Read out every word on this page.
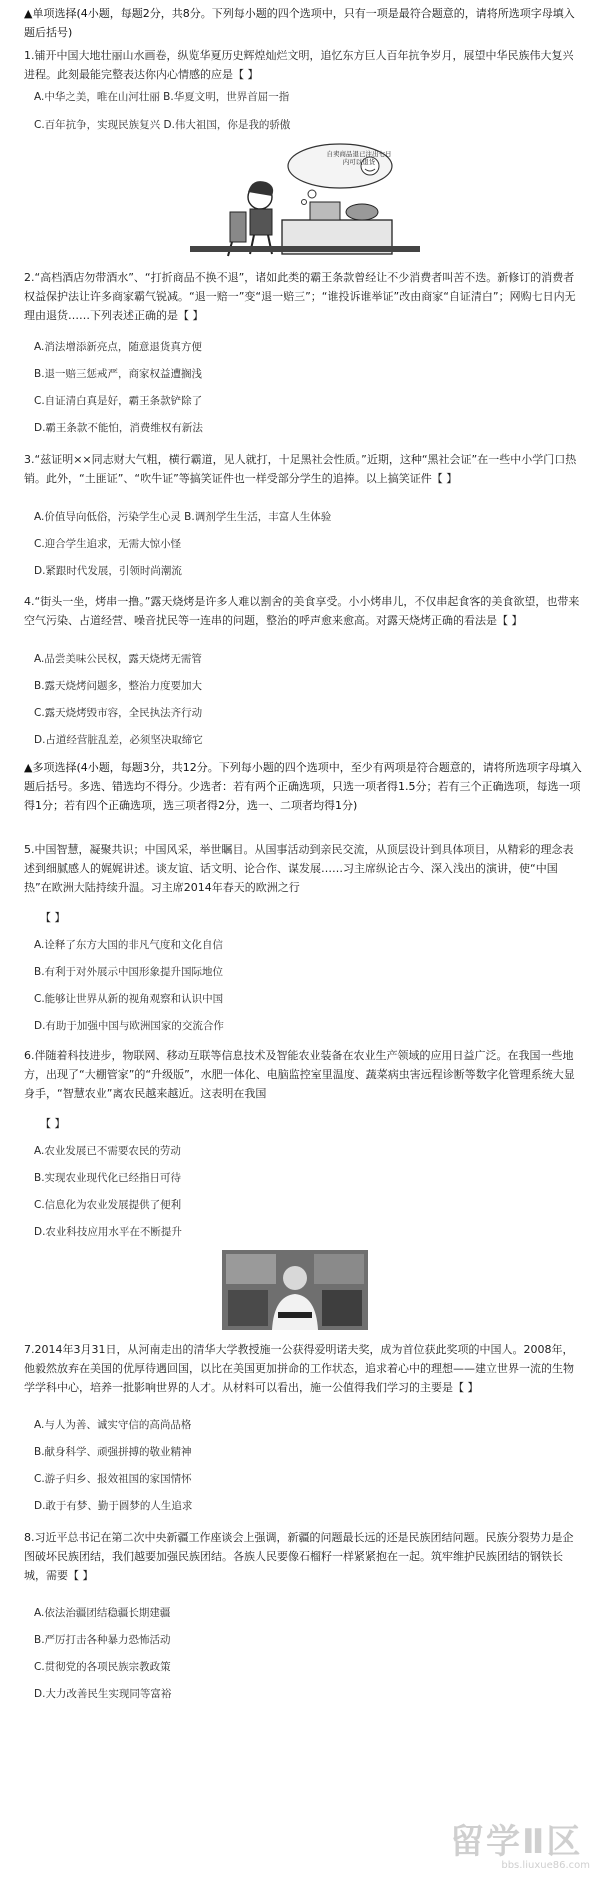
▲单项选择(4小题，每题2分，共8分。下列每小题的四个选项中，只有一项是最符合题意的，请将所选项字母填入题后括号)

1.铺开中国大地壮丽山水画卷，纵览华夏历史辉煌灿烂文明，追忆东方巨人百年抗争岁月，展望中华民族伟大复兴进程。此刻最能完整表达你内心情感的应是【 】

A.中华之美，唯在山河壮丽 B.华夏文明，世界首屈一指

C.百年抗争，实现民族复兴 D.伟大祖国，你是我的骄傲

自卖商品退已注出七日内可以退货

2.“高档酒店勿带酒水”、“打折商品不换不退”，诸如此类的霸王条款曾经让不少消费者叫苦不迭。新修订的消费者权益保护法让许多商家霸气锐减。“退一赔一”变“退一赔三”；“谁投诉谁举证”改由商家“自证清白”；网购七日内无理由退货……下列表述正确的是【 】

A.消法增添新亮点，随意退货真方便

B.退一赔三惩戒严，商家权益遭搁浅

C.自证清白真是好，霸王条款铲除了

D.霸王条款不能怕，消费维权有新法

3.“兹证明××同志财大气粗，横行霸道，见人就打，十足黑社会性质。”近期，这种“黑社会证”在一些中小学门口热销。此外，“土匪证”、“吹牛证”等搞笑证件也一样受部分学生的追捧。以上搞笑证件【 】

A.价值导向低俗，污染学生心灵 B.调剂学生生活，丰富人生体验

C.迎合学生追求，无需大惊小怪

D.紧跟时代发展，引领时尚潮流

4.“街头一坐，烤串一撸。”露天烧烤是许多人难以割舍的美食享受。小小烤串儿，不仅串起食客的美食欲望，也带来空气污染、占道经营、噪音扰民等一连串的问题，整治的呼声愈来愈高。对露天烧烤正确的看法是【 】

A.品尝美味公民权，露天烧烤无需管

B.露天烧烤问题多，整治力度要加大

C.露天烧烤毁市容，全民执法齐行动

D.占道经营脏乱差，必须坚决取缔它

▲多项选择(4小题，每题3分，共12分。下列每小题的四个选项中，至少有两项是符合题意的，请将所选项字母填入题后括号。多选、错选均不得分。少选者：若有两个正确选项，只选一项者得1.5分；若有三个正确选项，每选一项得1分；若有四个正确选项，选三项者得2分，选一、二项者均得1分)

5.中国智慧，凝聚共识；中国风采，举世瞩目。从国事活动到亲民交流，从顶层设计到具体项目，从精彩的理念表述到细腻感人的娓娓讲述。谈友谊、话文明、论合作、谋发展……习主席纵论古今、深入浅出的演讲，使“中国热”在欧洲大陆持续升温。习主席2014年春天的欧洲之行

【 】

A.诠释了东方大国的非凡气度和文化自信

B.有利于对外展示中国形象提升国际地位

C.能够让世界从新的视角观察和认识中国

D.有助于加强中国与欧洲国家的交流合作

6.伴随着科技进步，物联网、移动互联等信息技术及智能农业装备在农业生产领域的应用日益广泛。在我国一些地方，出现了“大棚管家”的“升级版”，水肥一体化、电脑监控室里温度、蔬菜病虫害远程诊断等数字化管理系统大显身手，“智慧农业”离农民越来越近。这表明在我国

【 】

A.农业发展已不需要农民的劳动

B.实现农业现代化已经指日可待

C.信息化为农业发展提供了便利

D.农业科技应用水平在不断提升

7.2014年3月31日，从河南走出的清华大学教授施一公获得爱明诺夫奖，成为首位获此奖项的中国人。2008年，他毅然放弃在美国的优厚待遇回国，以比在美国更加拼命的工作状态，追求着心中的理想——建立世界一流的生物学学科中心，培养一批影响世界的人才。从材料可以看出，施一公值得我们学习的主要是【 】

A.与人为善、诚实守信的高尚品格

B.献身科学、顽强拼搏的敬业精神

C.游子归乡、报效祖国的家国情怀

D.敢于有梦、勤于圆梦的人生追求

8.习近平总书记在第二次中央新疆工作座谈会上强调，新疆的问题最长远的还是民族团结问题。民族分裂势力是企图破坏民族团结，我们越要加强民族团结。各族人民要像石榴籽一样紧紧抱在一起。筑牢维护民族团结的钢铁长城，需要【 】

A.依法治疆团结稳疆长期建疆

B.严厉打击各种暴力恐怖活动

C.贯彻党的各项民族宗教政策

D.大力改善民生实现同等富裕

留学Ⅱ区
bbs.liuxue86.com
